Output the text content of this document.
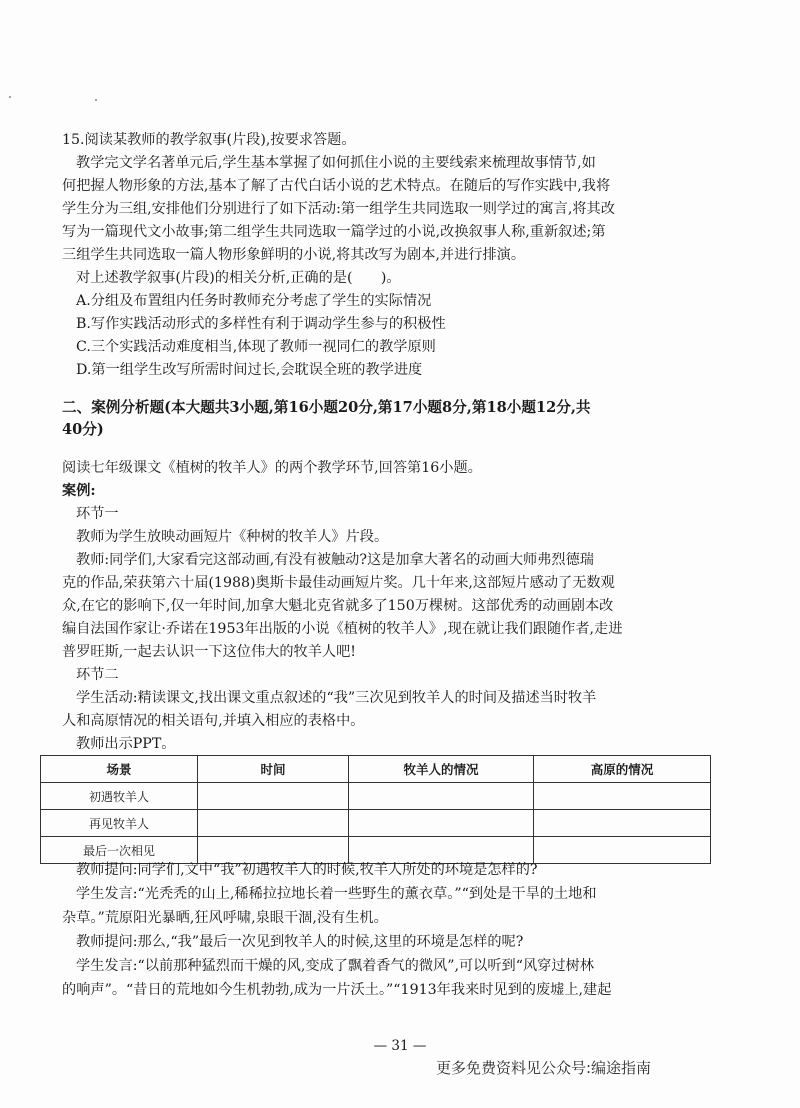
15.阅读某教师的教学叙事(片段),按要求答题。
教学完文学名著单元后,学生基本掌握了如何抓住小说的主要线索来梳理故事情节,如
何把握人物形象的方法,基本了解了古代白话小说的艺术特点。在随后的写作实践中,我将
学生分为三组,安排他们分别进行了如下活动:第一组学生共同选取一则学过的寓言,将其改
写为一篇现代文小故事;第二组学生共同选取一篇学过的小说,改换叙事人称,重新叙述;第
三组学生共同选取一篇人物形象鲜明的小说,将其改写为剧本,并进行排演。
对上述教学叙事(片段)的相关分析,正确的是(　　)。
A.分组及布置组内任务时教师充分考虑了学生的实际情况
B.写作实践活动形式的多样性有利于调动学生参与的积极性
C.三个实践活动难度相当,体现了教师一视同仁的教学原则
D.第一组学生改写所需时间过长,会耽误全班的教学进度
二、案例分析题(本大题共3小题,第16小题20分,第17小题8分,第18小题12分,共
40分)
阅读七年级课文《植树的牧羊人》的两个教学环节,回答第16小题。
案例:
环节一
教师为学生放映动画短片《种树的牧羊人》片段。
教师:同学们,大家看完这部动画,有没有被触动?这是加拿大著名的动画大师弗烈德瑞
克的作品,荣获第六十届(1988)奥斯卡最佳动画短片奖。几十年来,这部短片感动了无数观
众,在它的影响下,仅一年时间,加拿大魁北克省就多了150万棵树。这部优秀的动画剧本改
编自法国作家让·乔诺在1953年出版的小说《植树的牧羊人》,现在就让我们跟随作者,走进
普罗旺斯,一起去认识一下这位伟大的牧羊人吧!
环节二
学生活动:精读课文,找出课文重点叙述的“我”三次见到牧羊人的时间及描述当时牧羊
人和高原情况的相关语句,并填入相应的表格中。
教师出示PPT。
场景	时间	牧羊人的情况	高原的情况
初遇牧羊人			
再见牧羊人			
最后一次相见			
教师提问:同学们,文中“我”初遇牧羊人的时候,牧羊人所处的环境是怎样的?
学生发言:“光秃秃的山上,稀稀拉拉地长着一些野生的薰衣草。”“到处是干旱的土地和
杂草。”荒原阳光暴晒,狂风呼啸,泉眼干涸,没有生机。
教师提问:那么,“我”最后一次见到牧羊人的时候,这里的环境是怎样的呢?
学生发言:“以前那种猛烈而干燥的风,变成了飘着香气的微风”,可以听到“风穿过树林
的响声”。“昔日的荒地如今生机勃勃,成为一片沃土。”“1913年我来时见到的废墟上,建起
— 31 —
更多免费资料见公众号:编途指南
